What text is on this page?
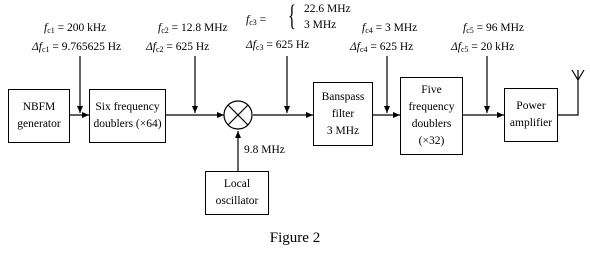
NBFM
generator
Six frequency
doublers (×64)
Banspass
filter
3 MHz
Five
frequency
doublers
(×32)
Power
amplifier
Local
oscillator
$f_{c1} = 200$ kHz
$\Delta f_{c1} = 9.765625$ Hz
$f_{c2} = 12.8$ MHz
$\Delta f_{c2} = 625$ Hz
$f_{c3}$ = { 22.6 MHz
3 MHz
$\Delta f_{c3} = 625$ Hz
$f_{c4} = 3$ MHz
$\Delta f_{c4} = 625$ Hz
$f_{c5} = 96$ MHz
$\Delta f_{c5} = 20$ kHz
9.8 MHz
Figure 2
